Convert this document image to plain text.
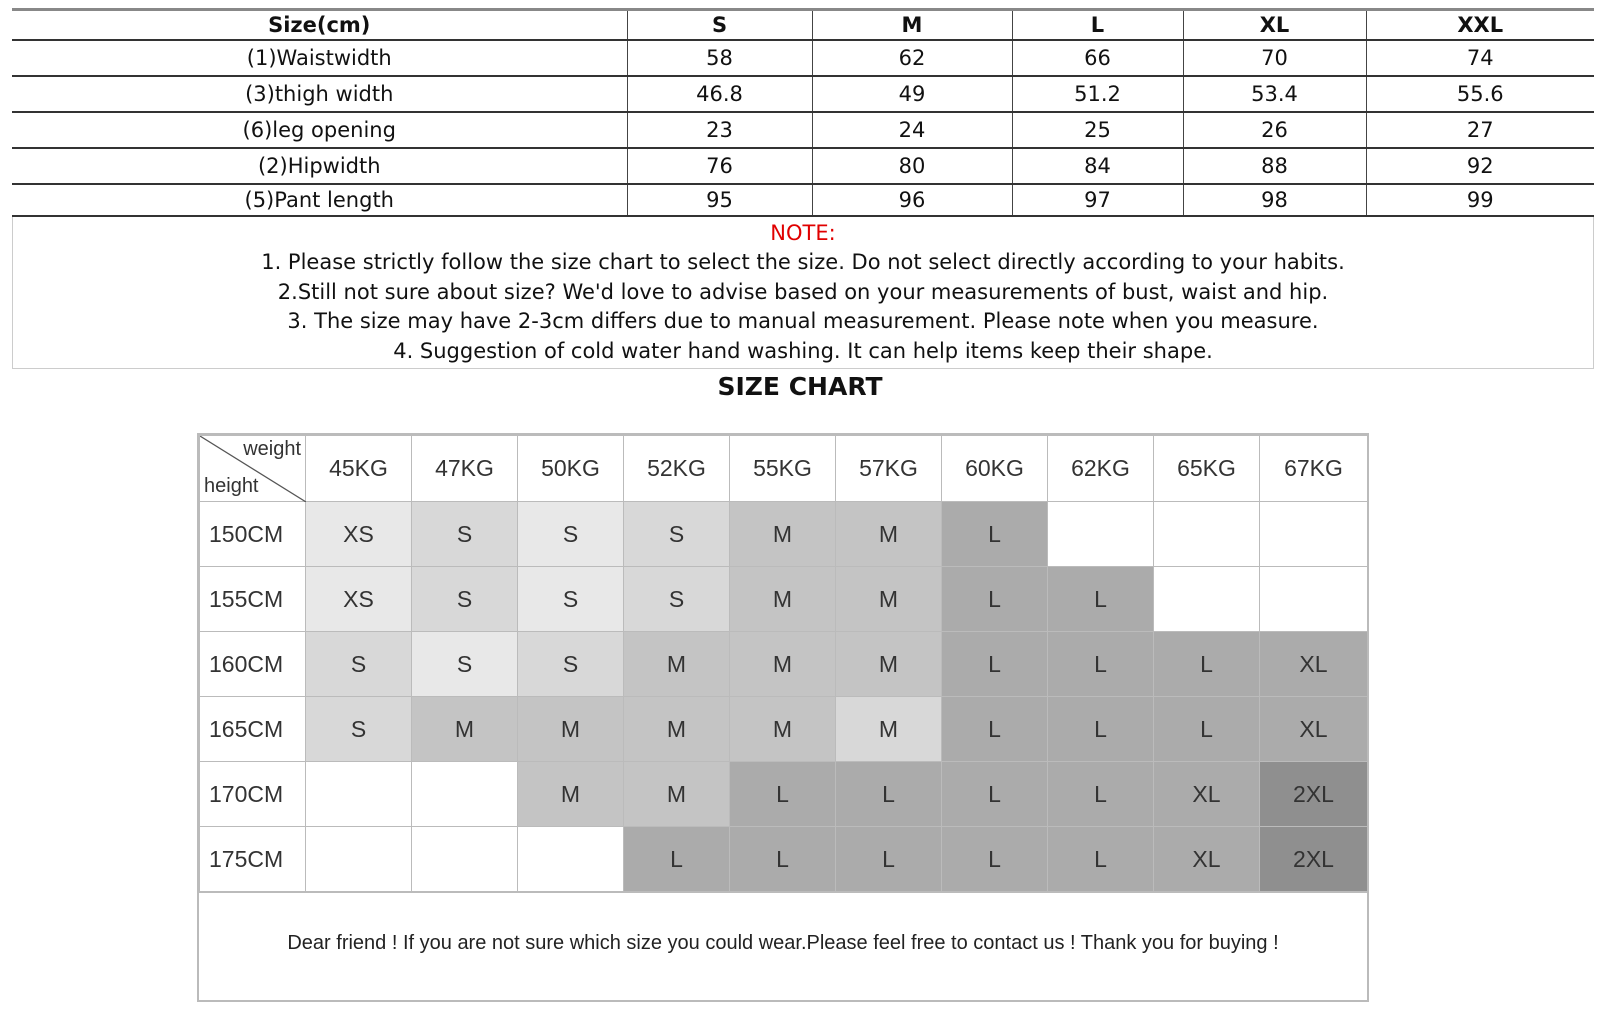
Size(cm)	S	M	L	XL	XXL
(1)Waistwidth	58	62	66	70	74
(3)thigh width	46.8	49	51.2	53.4	55.6
(6)leg opening	23	24	25	26	27
(2)Hipwidth	76	80	84	88	92
(5)Pant length	95	96	97	98	99
NOTE:
1. Please strictly follow the size chart to select the size. Do not select directly according to your habits.
2.Still not sure about size? We'd love to advise based on your measurements of bust, waist and hip.
3. The size may have 2-3cm differs due to manual measurement. Please note when you measure.
4. Suggestion of cold water hand washing. It can help items keep their shape.
SIZE CHART
weight
height	45KG	47KG	50KG	52KG	55KG	57KG	60KG	62KG	65KG	67KG
150CM	XS	S	S	S	M	M	L			
155CM	XS	S	S	S	M	M	L	L		
160CM	S	S	S	M	M	M	L	L	L	XL
165CM	S	M	M	M	M	M	L	L	L	XL
170CM			M	M	L	L	L	L	XL	2XL
175CM				L	L	L	L	L	XL	2XL
Dear friend ! If you are not sure which size you could wear.Please feel free to contact us ! Thank you for buying !
